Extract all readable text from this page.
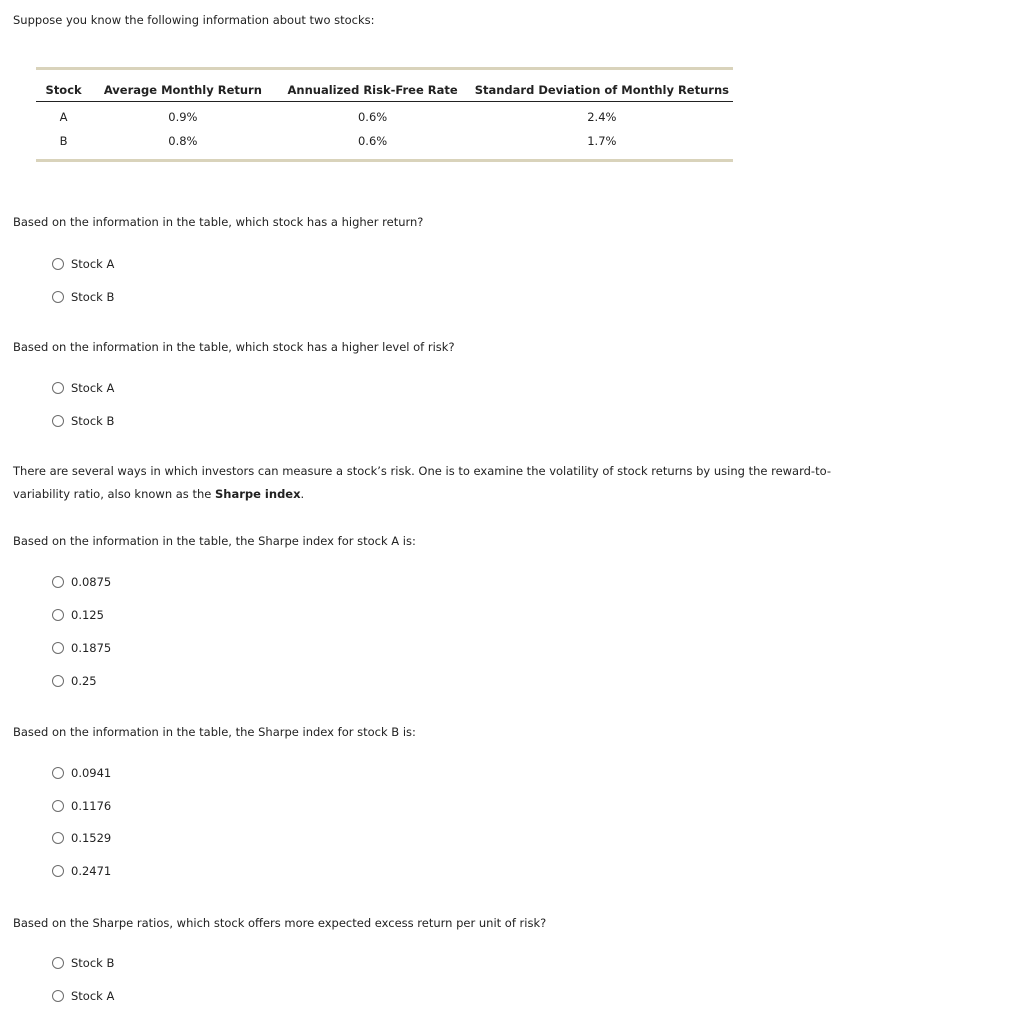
Suppose you know the following information about two stocks:
Stock	Average Monthly Return	Annualized Risk-Free Rate	Standard Deviation of Monthly Returns
A	0.9%	0.6%	2.4%
B	0.8%	0.6%	1.7%
Based on the information in the table, which stock has a higher return?
Stock A
Stock B
Based on the information in the table, which stock has a higher level of risk?
Stock A
Stock B
There are several ways in which investors can measure a stock’s risk. One is to examine the volatility of stock returns by using the reward-to-variability ratio, also known as the Sharpe index.
Based on the information in the table, the Sharpe index for stock A is:
0.0875
0.125
0.1875
0.25
Based on the information in the table, the Sharpe index for stock B is:
0.0941
0.1176
0.1529
0.2471
Based on the Sharpe ratios, which stock offers more expected excess return per unit of risk?
Stock B
Stock A
